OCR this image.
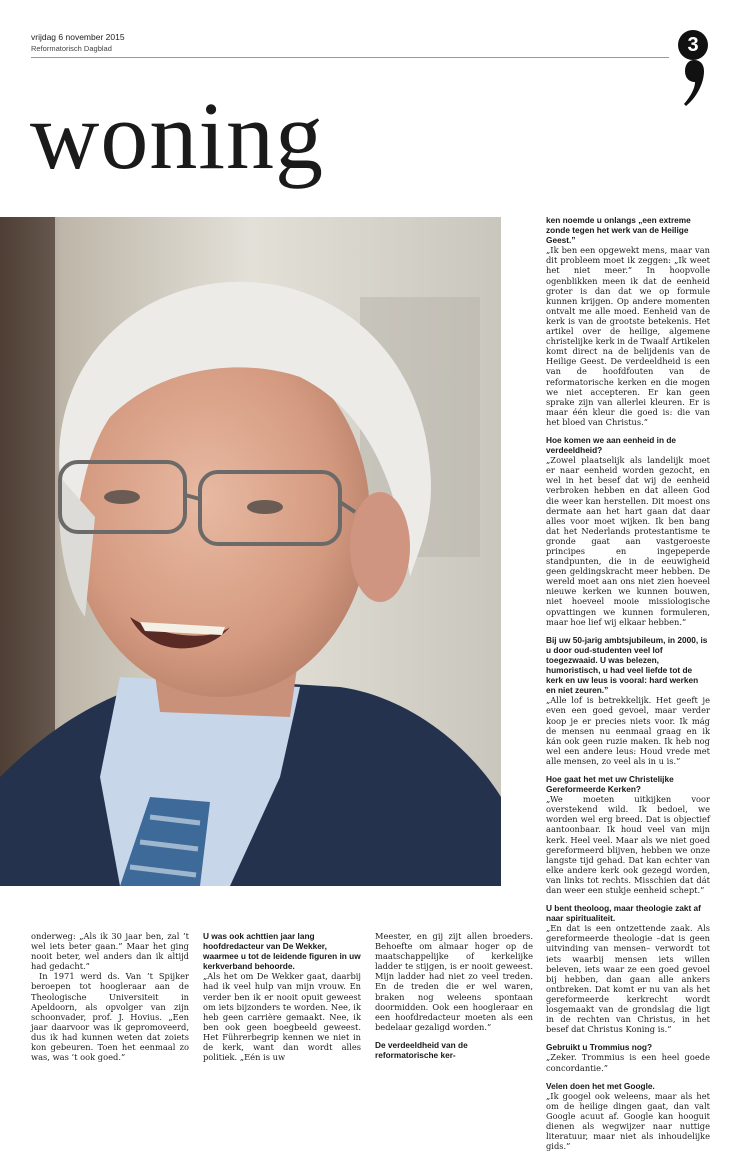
vrijdag 6 november 2015
Reformatorisch Dagblad	3
woning

ken noemde u onlangs „een extreme zonde tegen het werk van de Heilige Geest.”

„Ik ben een opgewekt mens, maar van dit probleem moet ik zeggen: „Ik weet het niet meer.” In hoopvolle ogenblikken meen ik dat de eenheid groter is dan dat we op formule kunnen krijgen. Op andere momenten ontvalt me alle moed. Eenheid van de kerk is van de grootste betekenis. Het artikel over de heilige, algemene christelijke kerk in de Twaalf Artikelen komt direct na de belijdenis van de Heilige Geest. De verdeeldheid is een van de hoofdfouten van de reformatorische kerken en die mogen we niet accepteren. Er kan geen sprake zijn van allerlei kleuren. Er is maar één kleur die goed is: die van het bloed van Christus.”

Hoe komen we aan eenheid in de verdeeldheid?

„Zowel plaatselijk als landelijk moet er naar eenheid worden gezocht, en wel in het besef dat wij de eenheid verbroken hebben en dat alleen God die weer kan herstellen. Dit moest ons dermate aan het hart gaan dat daar alles voor moet wijken. Ik ben bang dat het Nederlands protestantisme te gronde gaat aan vastgeroeste principes en ingepeperde standpunten, die in de eeuwigheid geen geldingskracht meer hebben. De wereld moet aan ons niet zien hoeveel nieuwe kerken we kunnen bouwen, niet hoeveel mooie missiologische opvattingen we kunnen formuleren, maar hoe lief wij elkaar hebben.”

Bij uw 50-jarig ambtsjubileum, in 2000, is u door oud-studenten veel lof toegezwaaid. U was belezen, humoristisch, u had veel liefde tot de kerk en uw leus is vooral: hard werken en niet zeuren.”

„Alle lof is betrekkelijk. Het geeft je even een goed gevoel, maar verder koop je er precies niets voor. Ik mág de mensen nu eenmaal graag en ik kán ook geen ruzie maken. Ik heb nog wel een andere leus: Houd vrede met alle mensen, zo veel als in u is.”

Hoe gaat het met uw Christelijke Gereformeerde Kerken?

„We moeten uitkijken voor overstekend wild. Ik bedoel, we worden wel erg breed. Dat is objectief aantoonbaar. Ik houd veel van mijn kerk. Heel veel. Maar als we niet goed gereformeerd blijven, hebben we onze langste tijd gehad. Dat kan echter van elke andere kerk ook gezegd worden, van links tot rechts. Misschien dat dát dan weer een stukje eenheid schept.”

U bent theoloog, maar theologie zakt af naar spiritualiteit.

„En dat is een ontzettende zaak. Als gereformeerde theologie –dat is geen uitvinding van mensen– verwordt tot iets waarbij mensen iets willen beleven, iets waar ze een goed gevoel bij hebben, dan gaan alle ankers ontbreken. Dat komt er nu van als het gereformeerde kerkrecht wordt losgemaakt van de grondslag die ligt in de rechten van Christus, in het besef dat Christus Koning is.”

Gebruikt u Trommius nog?

„Zeker. Trommius is een heel goede concordantie.”

Velen doen het met Google.

„Ik googel ook weleens, maar als het om de heilige dingen gaat, dan valt Google acuut af. Google kan hooguit dienen als wegwijzer naar nuttige literatuur, maar niet als inhoudelijke gids.”

onderweg: „Als ik 30 jaar ben, zal ’t wel iets beter gaan.” Maar het ging nooit beter, wel anders dan ik altijd had gedacht.”

In 1971 werd ds. Van ’t Spijker beroepen tot hoogleraar aan de Theologische Universiteit in Apeldoorn, als opvolger van zijn schoonvader, prof. J. Hovius. „Een jaar daarvoor was ik gepromoveerd, dus ik had kunnen weten dat zoiets kon gebeuren. Toen het eenmaal zo was, was ’t ook goed.”

U was ook achttien jaar lang hoofdredacteur van De Wekker, waarmee u tot de leidende figuren in uw kerkverband behoorde.

„Als het om De Wekker gaat, daarbij had ik veel hulp van mijn vrouw. En verder ben ik er nooit opuit geweest om iets bijzonders te worden. Nee, ik heb geen carrière gemaakt. Nee, ik ben ook geen boegbeeld geweest. Het Führerbegrip kennen we niet in de kerk, want dan wordt alles politiek. „Eén is uw

Meester, en gij zijt allen broeders. Behoefte om almaar hoger op de maatschappelijke of kerkelijke ladder te stijgen, is er nooit geweest. Mijn ladder had niet zo veel treden. En de treden die er wel waren, braken nog weleens spontaan doormidden. Ook een hoogleraar en een hoofdredacteur moeten als een bedelaar gezaligd worden.”

De verdeeldheid van de reformatorische ker-
